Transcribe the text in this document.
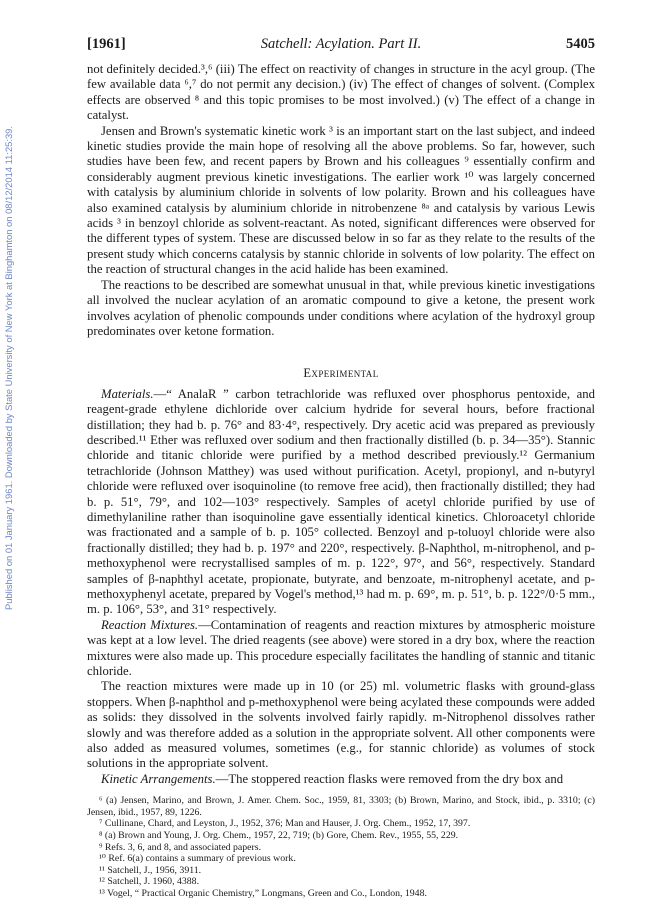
Published on 01 January 1961. Downloaded by State University of New York at Binghamton on 08/12/2014 11:25:39.
[1961]	Satchell: Acylation. Part II.	5405

not definitely decided.³,⁶ (iii) The effect on reactivity of changes in structure in the acyl group. (The few available data ⁶,⁷ do not permit any decision.) (iv) The effect of changes of solvent. (Complex effects are observed ⁸ and this topic promises to be most involved.) (v) The effect of a change in catalyst.

Jensen and Brown's systematic kinetic work ³ is an important start on the last subject, and indeed kinetic studies provide the main hope of resolving all the above problems. So far, however, such studies have been few, and recent papers by Brown and his colleagues ⁹ essentially confirm and considerably augment previous kinetic investigations. The earlier work ¹⁰ was largely concerned with catalysis by aluminium chloride in solvents of low polarity. Brown and his colleagues have also examined catalysis by aluminium chloride in nitrobenzene ⁸ᵃ and catalysis by various Lewis acids ³ in benzoyl chloride as solvent-reactant. As noted, significant differences were observed for the different types of system. These are discussed below in so far as they relate to the results of the present study which concerns catalysis by stannic chloride in solvents of low polarity. The effect on the reaction of structural changes in the acid halide has been examined.

The reactions to be described are somewhat unusual in that, while previous kinetic investigations all involved the nuclear acylation of an aromatic compound to give a ketone, the present work involves acylation of phenolic compounds under conditions where acylation of the hydroxyl group predominates over ketone formation.

Experimental

Materials.—“ AnalaR ” carbon tetrachloride was refluxed over phosphorus pentoxide, and reagent-grade ethylene dichloride over calcium hydride for several hours, before fractional distillation; they had b. p. 76° and 83·4°, respectively. Dry acetic acid was prepared as previously described.¹¹ Ether was refluxed over sodium and then fractionally distilled (b. p. 34—35°). Stannic chloride and titanic chloride were purified by a method described previously.¹² Germanium tetrachloride (Johnson Matthey) was used without purification. Acetyl, propionyl, and n-butyryl chloride were refluxed over isoquinoline (to remove free acid), then fractionally distilled; they had b. p. 51°, 79°, and 102—103° respectively. Samples of acetyl chloride purified by use of dimethylaniline rather than isoquinoline gave essentially identical kinetics. Chloroacetyl chloride was fractionated and a sample of b. p. 105° collected. Benzoyl and p-toluoyl chloride were also fractionally distilled; they had b. p. 197° and 220°, respectively. β-Naphthol, m-nitrophenol, and p-methoxyphenol were recrystallised samples of m. p. 122°, 97°, and 56°, respectively. Standard samples of β-naphthyl acetate, propionate, butyrate, and benzoate, m-nitrophenyl acetate, and p-methoxyphenyl acetate, prepared by Vogel's method,¹³ had m. p. 69°, m. p. 51°, b. p. 122°/0·5 mm., m. p. 106°, 53°, and 31° respectively.

Reaction Mixtures.—Contamination of reagents and reaction mixtures by atmospheric moisture was kept at a low level. The dried reagents (see above) were stored in a dry box, where the reaction mixtures were also made up. This procedure especially facilitates the handling of stannic and titanic chloride.

The reaction mixtures were made up in 10 (or 25) ml. volumetric flasks with ground-glass stoppers. When β-naphthol and p-methoxyphenol were being acylated these compounds were added as solids: they dissolved in the solvents involved fairly rapidly. m-Nitrophenol dissolves rather slowly and was therefore added as a solution in the appropriate solvent. All other components were also added as measured volumes, sometimes (e.g., for stannic chloride) as volumes of stock solutions in the appropriate solvent.

Kinetic Arrangements.—The stoppered reaction flasks were removed from the dry box and

⁶ (a) Jensen, Marino, and Brown, J. Amer. Chem. Soc., 1959, 81, 3303; (b) Brown, Marino, and Stock, ibid., p. 3310; (c) Jensen, ibid., 1957, 89, 1226.
⁷ Cullinane, Chard, and Leyston, J., 1952, 376; Man and Hauser, J. Org. Chem., 1952, 17, 397.
⁸ (a) Brown and Young, J. Org. Chem., 1957, 22, 719; (b) Gore, Chem. Rev., 1955, 55, 229.
⁹ Refs. 3, 6, and 8, and associated papers.
¹⁰ Ref. 6(a) contains a summary of previous work.
¹¹ Satchell, J., 1956, 3911.
¹² Satchell, J. 1960, 4388.
¹³ Vogel, “ Practical Organic Chemistry,” Longmans, Green and Co., London, 1948.
